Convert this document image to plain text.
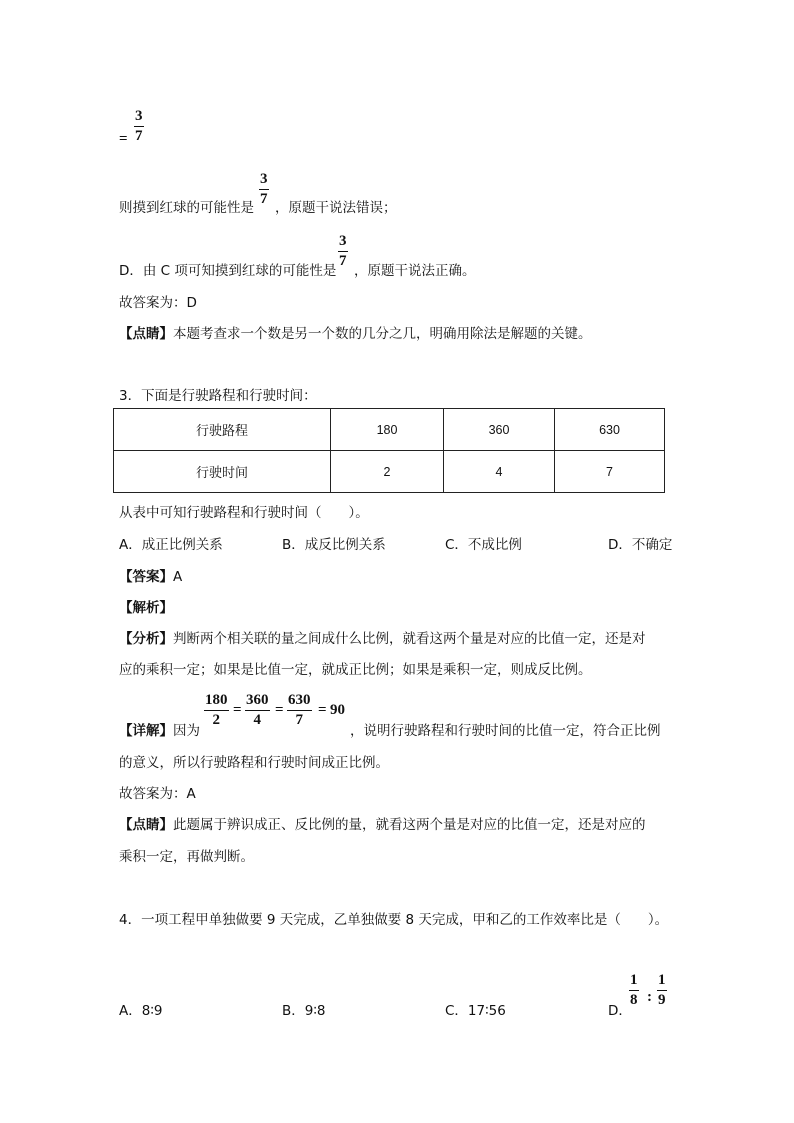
=
3
7
则摸到红球的可能性是
3
7
，原题干说法错误；
D．由 C 项可知摸到红球的可能性是
3
7
，原题干说法正确。
故答案为：D
【点睛】本题考查求一个数是另一个数的几分之几，明确用除法是解题的关键。
3．下面是行驶路程和行驶时间：
行驶路程	180	360	630
行驶时间	2	4	7
从表中可知行驶路程和行驶时间（　　）。
A．成正比例关系	B．成反比例关系	C．不成比例	D．不确定
【答案】A
【解析】
【分析】判断两个相关联的量之间成什么比例，就看这两个量是对应的比值一定，还是对
应的乘积一定；如果是比值一定，就成正比例；如果是乘积一定，则成反比例。
【详解】因为
180
2
=
360
4
=
630
7
= 90
，说明行驶路程和行驶时间的比值一定，符合正比例
的意义，所以行驶路程和行驶时间成正比例。
故答案为：A
【点睛】此题属于辨识成正、反比例的量，就看这两个量是对应的比值一定，还是对应的
乘积一定，再做判断。
4．一项工程甲单独做要 9 天完成，乙单独做要 8 天完成，甲和乙的工作效率比是（　　）。
A．8∶9	B．9∶8	C．17∶56	D．
1
8 :
1
9
